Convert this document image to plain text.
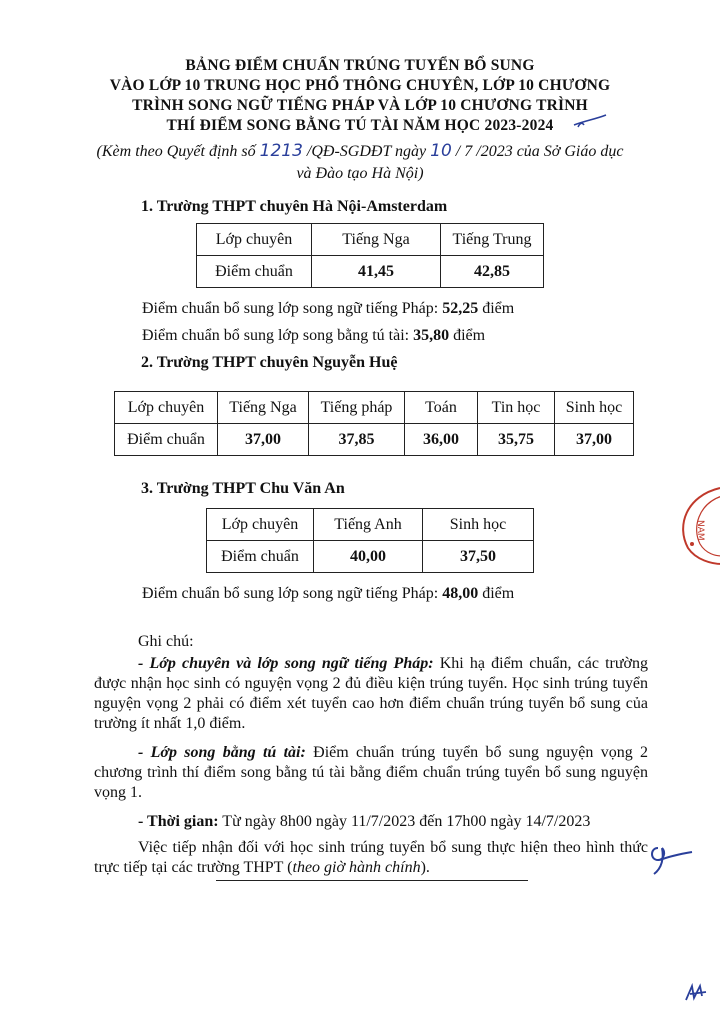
BẢNG ĐIỂM CHUẨN TRÚNG TUYỂN BỔ SUNG
VÀO LỚP 10 TRUNG HỌC PHỔ THÔNG CHUYÊN, LỚP 10 CHƯƠNG
TRÌNH SONG NGỮ TIẾNG PHÁP VÀ LỚP 10 CHƯƠNG TRÌNH
THÍ ĐIỂM SONG BẰNG TÚ TÀI NĂM HỌC 2023-2024
(Kèm theo Quyết định số 1213 /QĐ-SGDĐT ngày 10 / 7 /2023 của Sở Giáo dục
và Đào tạo Hà Nội)
1. Trường THPT chuyên Hà Nội-Amsterdam
Lớp chuyên	Tiếng Nga	Tiếng Trung
Điểm chuẩn	41,45	42,85
Điểm chuẩn bổ sung lớp song ngữ tiếng Pháp: 52,25 điểm
Điểm chuẩn bổ sung lớp song bằng tú tài: 35,80 điểm
2. Trường THPT chuyên Nguyễn Huệ
Lớp chuyên	Tiếng Nga	Tiếng pháp	Toán	Tin học	Sinh học
Điểm chuẩn	37,00	37,85	36,00	35,75	37,00
3. Trường THPT Chu Văn An
Lớp chuyên	Tiếng Anh	Sinh học
Điểm chuẩn	40,00	37,50
Điểm chuẩn bổ sung lớp song ngữ tiếng Pháp: 48,00 điểm

Ghi chú:

- Lớp chuyên và lớp song ngữ tiếng Pháp: Khi hạ điểm chuẩn, các trường được nhận học sinh có nguyện vọng 2 đủ điều kiện trúng tuyển. Học sinh trúng tuyển nguyện vọng 2 phải có điểm xét tuyển cao hơn điểm chuẩn trúng tuyển bổ sung của trường ít nhất 1,0 điểm.

- Lớp song bằng tú tài: Điểm chuẩn trúng tuyển bổ sung nguyện vọng 2 chương trình thí điểm song bằng tú tài bằng điểm chuẩn trúng tuyển bổ sung nguyện vọng 1.

- Thời gian: Từ ngày 8h00 ngày 11/7/2023 đến 17h00 ngày 14/7/2023

Việc tiếp nhận đối với học sinh trúng tuyển bổ sung thực hiện theo hình thức trực tiếp tại các trường THPT (theo giờ hành chính).

NAM
